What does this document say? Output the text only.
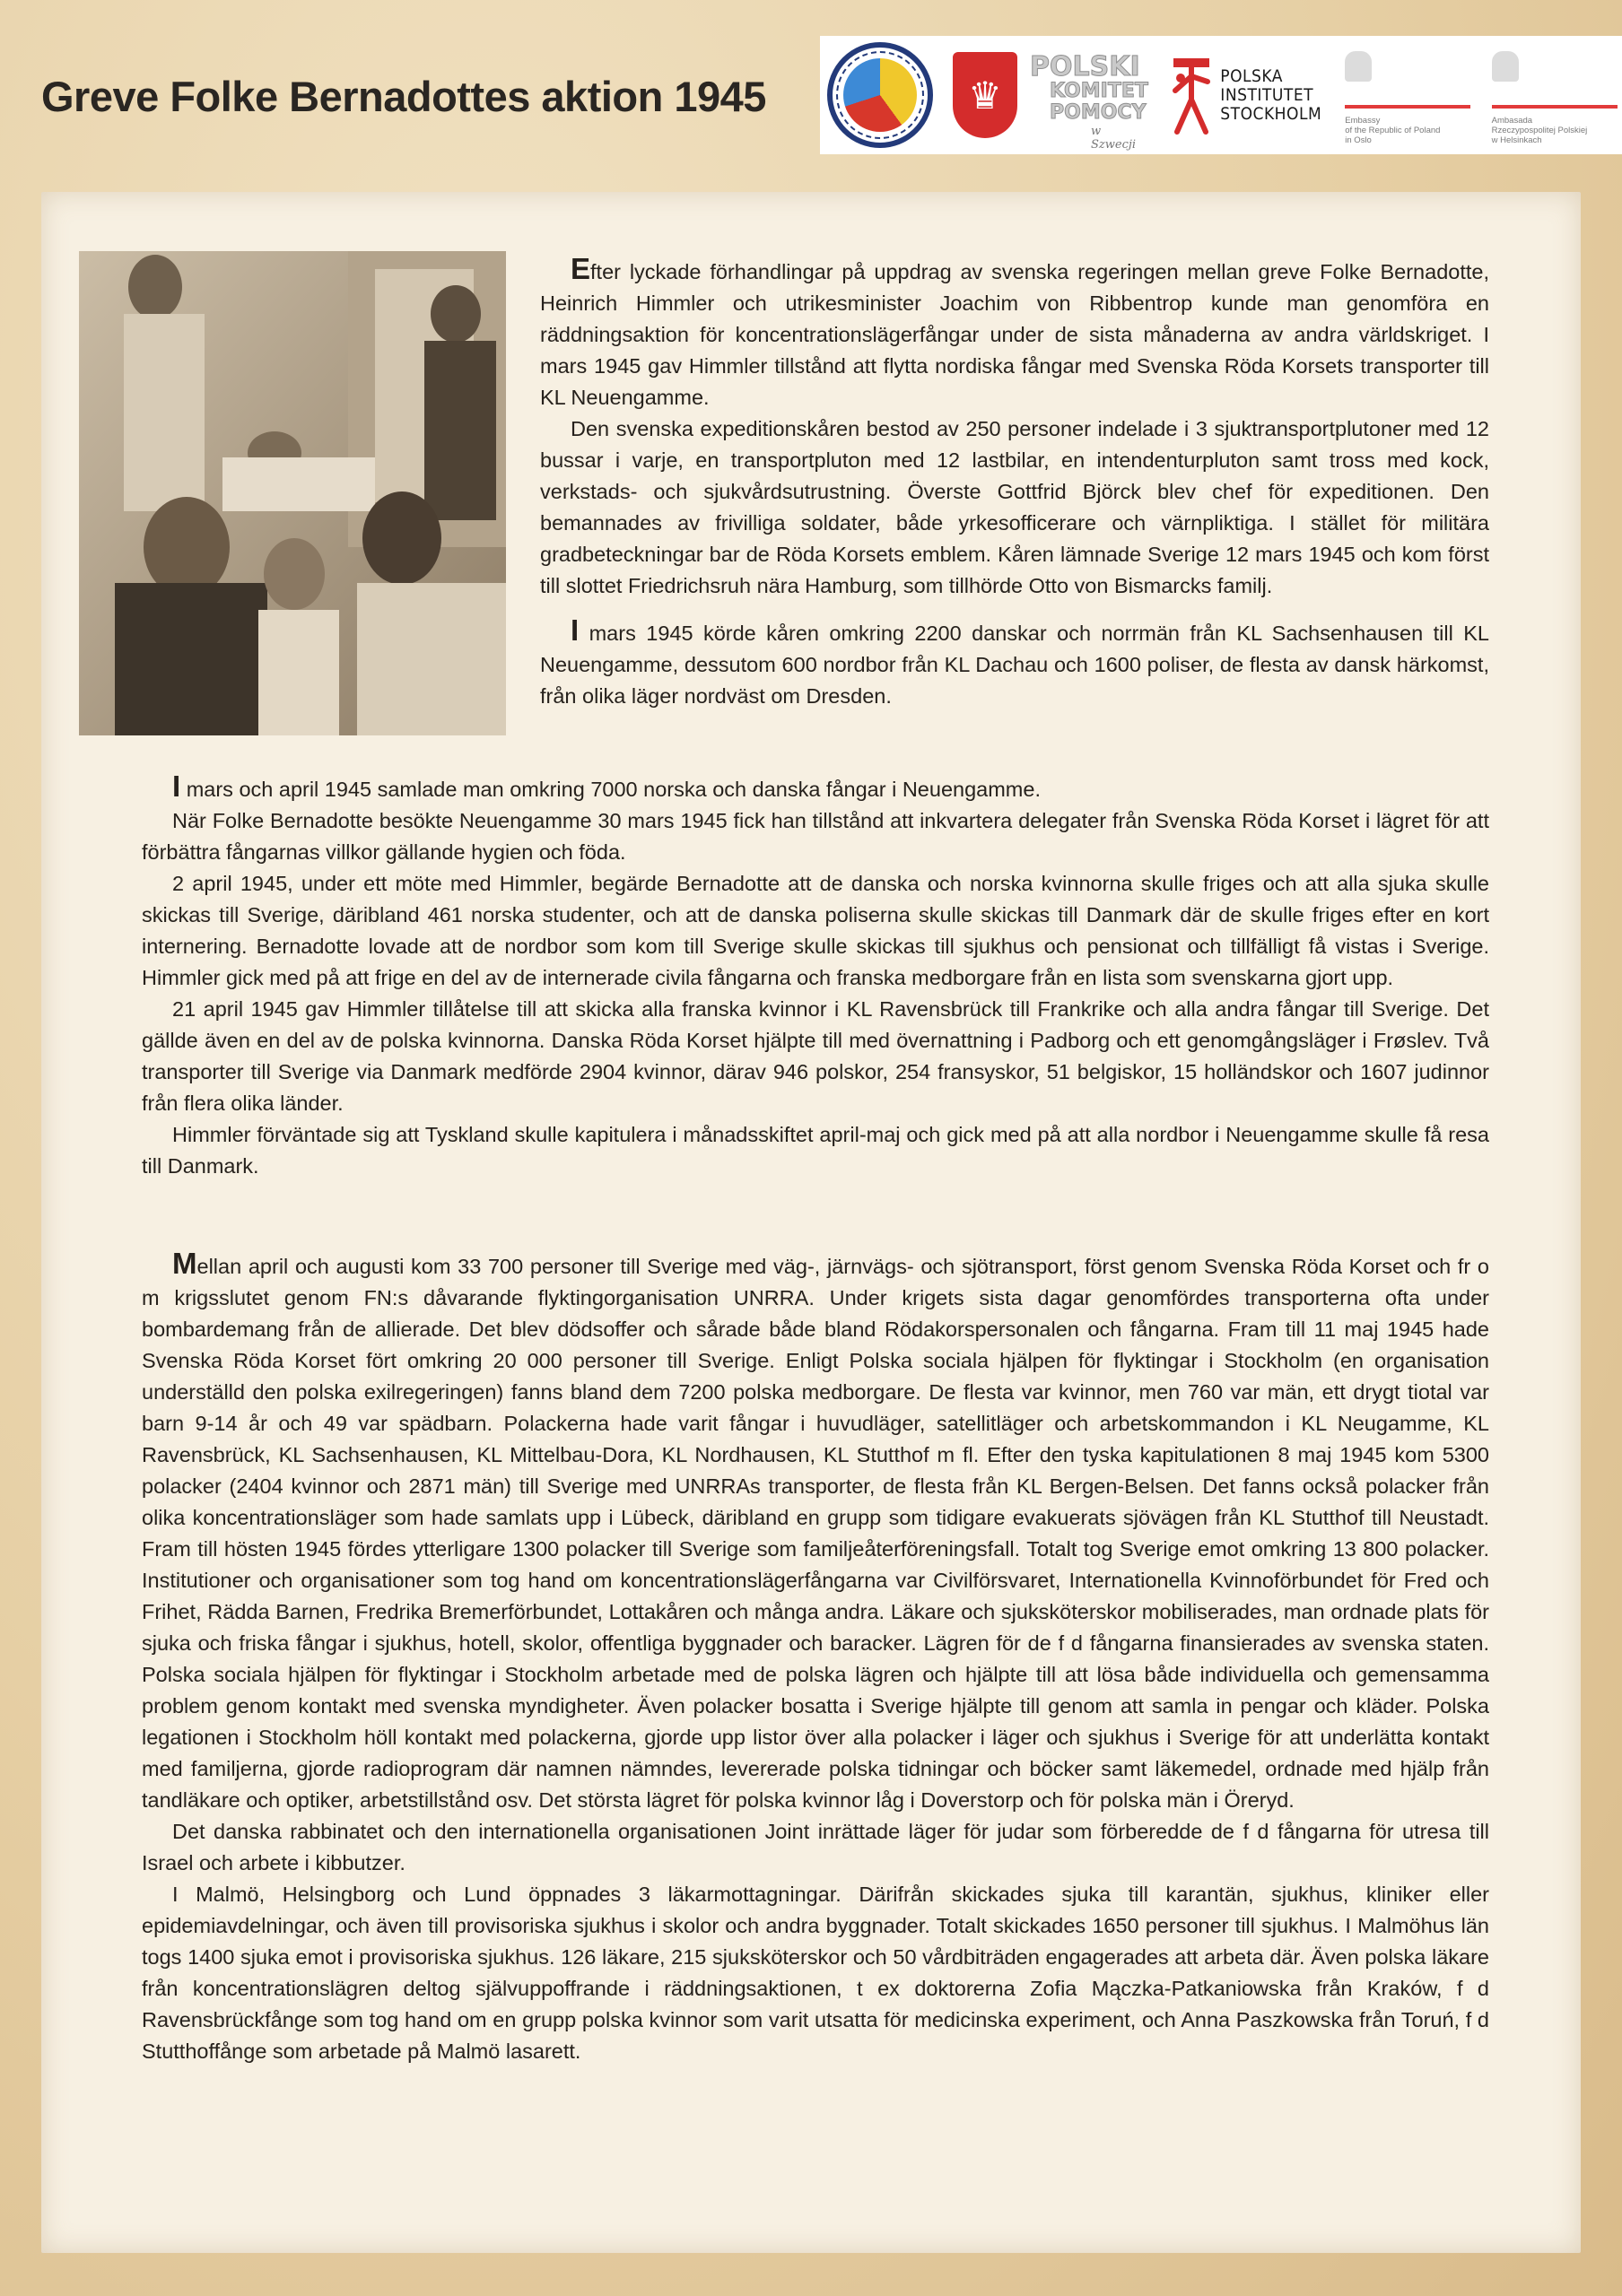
Greve Folke Bernadottes aktion 1945	♛
POLSKI
KOMITET
POMOCY
w Szwecji
POLSKA
INSTITUTET
STOCKHOLM	Embassy
of the Republic of Poland
in Oslo
Ambasada
Rzeczypospolitej Polskiej
w Helsinkach

Efter lyckade förhandlingar på uppdrag av svenska regeringen mellan greve Folke Bernadotte, Heinrich Himmler och utrikesminister Joachim von Ribbentrop kunde man genomföra en räddningsaktion för koncentrationslägerfångar under de sista månaderna av andra världskriget. I mars 1945 gav Himmler tillstånd att flytta nordiska fångar med Svenska Röda Korsets transporter till KL Neuengamme.

Den svenska expeditionskåren bestod av 250 personer indelade i 3 sjuktransportplutoner med 12 bussar i varje, en transportpluton med 12 lastbilar, en intendenturpluton samt tross med kock, verkstads- och sjukvårdsutrustning. Överste Gottfrid Björck blev chef för expeditionen. Den bemannades av frivilliga soldater, både yrkesofficerare och värnpliktiga. I stället för militära gradbeteckningar bar de Röda Korsets emblem. Kåren lämnade Sverige 12 mars 1945 och kom först till slottet Friedrichsruh nära Hamburg, som tillhörde Otto von Bismarcks familj.

I mars 1945 körde kåren omkring 2200 danskar och norrmän från KL Sachsenhausen till KL Neuengamme, dessutom 600 nordbor från KL Dachau och 1600 poliser, de flesta av dansk härkomst, från olika läger nordväst om Dresden.

I mars och april 1945 samlade man omkring 7000 norska och danska fångar i Neuengamme.

När Folke Bernadotte besökte Neuengamme 30 mars 1945 fick han tillstånd att inkvartera delegater från Svenska Röda Korset i lägret för att förbättra fångarnas villkor gällande hygien och föda.

2 april 1945, under ett möte med Himmler, begärde Bernadotte att de danska och norska kvinnorna skulle friges och att alla sjuka skulle skickas till Sverige, däribland 461 norska studenter, och att de danska poliserna skulle skickas till Danmark där de skulle friges efter en kort internering. Bernadotte lovade att de nordbor som kom till Sverige skulle skickas till sjukhus och pensionat och tillfälligt få vistas i Sverige. Himmler gick med på att frige en del av de internerade civila fångarna och franska medborgare från en lista som svenskarna gjort upp.

21 april 1945 gav Himmler tillåtelse till att skicka alla franska kvinnor i KL Ravensbrück till Frankrike och alla andra fångar till Sverige. Det gällde även en del av de polska kvinnorna. Danska Röda Korset hjälpte till med övernattning i Padborg och ett genomgångsläger i Frøslev. Två transporter till Sverige via Danmark medförde 2904 kvinnor, därav 946 polskor, 254 fransyskor, 51 belgiskor, 15 holländskor och 1607 judinnor från flera olika länder.

Himmler förväntade sig att Tyskland skulle kapitulera i månadsskiftet april-maj och gick med på att alla nordbor i Neuengamme skulle få resa till Danmark.

Mellan april och augusti kom 33 700 personer till Sverige med väg-, järnvägs- och sjötransport, först genom Svenska Röda Korset och fr o m krigsslutet genom FN:s dåvarande flyktingorganisation UNRRA. Under krigets sista dagar genomfördes transporterna ofta under bombardemang från de allierade. Det blev dödsoffer och sårade både bland Rödakorspersonalen och fångarna. Fram till 11 maj 1945 hade Svenska Röda Korset fört omkring 20 000 personer till Sverige. Enligt Polska sociala hjälpen för flyktingar i Stockholm (en organisation underställd den polska exilregeringen) fanns bland dem 7200 polska medborgare. De flesta var kvinnor, men 760 var män, ett drygt tiotal var barn 9-14 år och 49 var spädbarn. Polackerna hade varit fångar i huvudläger, satellitläger och arbetskommandon i KL Neugamme, KL Ravensbrück, KL Sachsenhausen, KL Mittelbau-Dora, KL Nordhausen, KL Stutthof m fl. Efter den tyska kapitulationen 8 maj 1945 kom 5300 polacker (2404 kvinnor och 2871 män) till Sverige med UNRRAs transporter, de flesta från KL Bergen-Belsen. Det fanns också polacker från olika koncentrationsläger som hade samlats upp i Lübeck, däribland en grupp som tidigare evakuerats sjövägen från KL Stutthof till Neustadt. Fram till hösten 1945 fördes ytterligare 1300 polacker till Sverige som familjeåterföreningsfall. Totalt tog Sverige emot omkring 13 800 polacker. Institutioner och organisationer som tog hand om koncentrationslägerfångarna var Civilförsvaret, Internationella Kvinnoförbundet för Fred och Frihet, Rädda Barnen, Fredrika Bremerförbundet, Lottakåren och många andra. Läkare och sjuksköterskor mobiliserades, man ordnade plats för sjuka och friska fångar i sjukhus, hotell, skolor, offentliga byggnader och baracker. Lägren för de f d fångarna finansierades av svenska staten. Polska sociala hjälpen för flyktingar i Stockholm arbetade med de polska lägren och hjälpte till att lösa både individuella och gemensamma problem genom kontakt med svenska myndigheter. Även polacker bosatta i Sverige hjälpte till genom att samla in pengar och kläder. Polska legationen i Stockholm höll kontakt med polackerna, gjorde upp listor över alla polacker i läger och sjukhus i Sverige för att underlätta kontakt med familjerna, gjorde radioprogram där namnen nämndes, levererade polska tidningar och böcker samt läkemedel, ordnade med hjälp från tandläkare och optiker, arbetstillstånd osv. Det största lägret för polska kvinnor låg i Doverstorp och för polska män i Öreryd.

Det danska rabbinatet och den internationella organisationen Joint inrättade läger för judar som förberedde de f d fångarna för utresa till Israel och arbete i kibbutzer.

I Malmö, Helsingborg och Lund öppnades 3 läkarmottagningar. Därifrån skickades sjuka till karantän, sjukhus, kliniker eller epidemiavdelningar, och även till provisoriska sjukhus i skolor och andra byggnader. Totalt skickades 1650 personer till sjukhus. I Malmöhus län togs 1400 sjuka emot i provisoriska sjukhus. 126 läkare, 215 sjuksköterskor och 50 vårdbiträden engagerades att arbeta där. Även polska läkare från koncentrationslägren deltog självuppoffrande i räddningsaktionen, t ex doktorerna Zofia Mączka-Patkaniowska från Kraków, f d Ravensbrückfånge som tog hand om en grupp polska kvinnor som varit utsatta för medicinska experiment, och Anna Paszkowska från Toruń, f d Stutthoffånge som arbetade på Malmö lasarett.
